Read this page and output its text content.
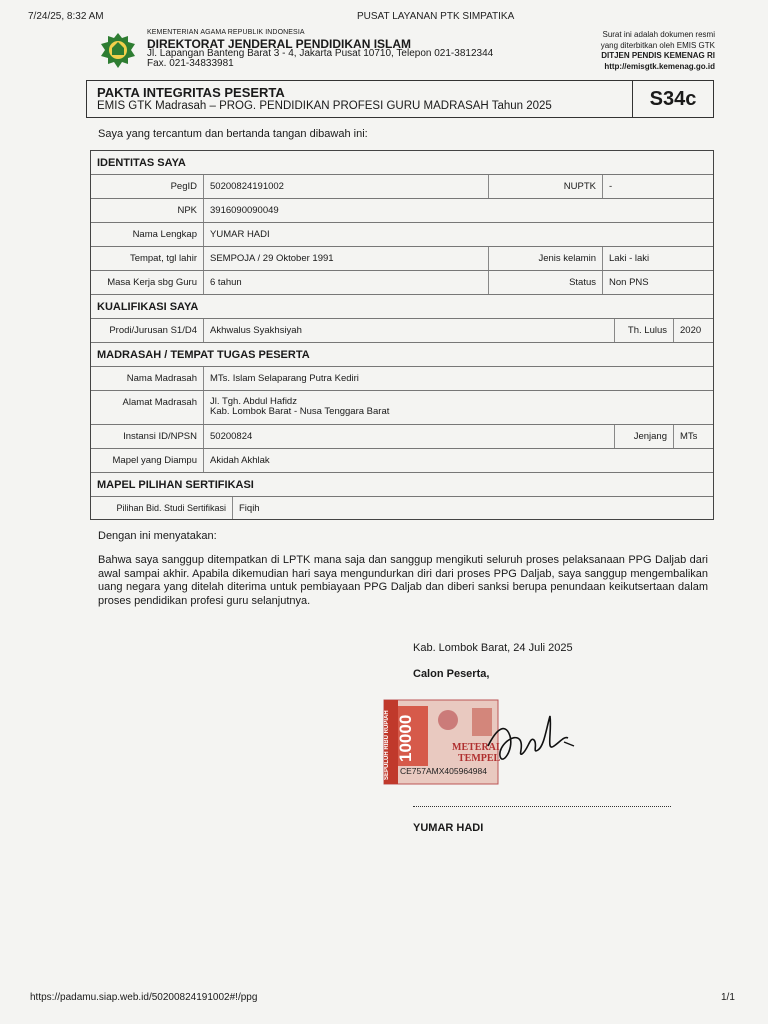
7/24/25, 8:32 AM	PUSAT LAYANAN PTK SIMPATIKA
KEMENTERIAN AGAMA REPUBLIK INDONESIA
DIREKTORAT JENDERAL PENDIDIKAN ISLAM
Jl. Lapangan Banteng Barat 3 - 4, Jakarta Pusat 10710, Telepon 021-3812344
Fax. 021-34833981
Surat ini adalah dokumen resmi
yang diterbitkan oleh EMIS GTK
DITJEN PENDIS KEMENAG RI
http://emisgtk.kemenag.go.id
PAKTA INTEGRITAS PESERTA
EMIS GTK Madrasah – PROG. PENDIDIKAN PROFESI GURU MADRASAH Tahun 2025	S34c
Saya yang tercantum dan bertanda tangan dibawah ini:
IDENTITAS SAYA
PegID	50200824191002	NUPTK	-
NPK	3916090090049
Nama Lengkap	YUMAR HADI
Tempat, tgl lahir	SEMPOJA / 29 Oktober 1991	Jenis kelamin	Laki - laki
Masa Kerja sbg Guru	6 tahun	Status	Non PNS
KUALIFIKASI SAYA
Prodi/Jurusan S1/D4	Akhwalus Syakhsiyah	Th. Lulus	2020
MADRASAH / TEMPAT TUGAS PESERTA
Nama Madrasah	MTs. Islam Selaparang Putra Kediri
Alamat Madrasah	Jl. Tgh. Abdul Hafidz
Kab. Lombok Barat - Nusa Tenggara Barat
Instansi ID/NPSN	50200824	Jenjang	MTs
Mapel yang Diampu	Akidah Akhlak
MAPEL PILIHAN SERTIFIKASI
Pilihan Bid. Studi Sertifikasi	Fiqih
Dengan ini menyatakan:
Bahwa saya sanggup ditempatkan di LPTK mana saja dan sanggup mengikuti seluruh proses pelaksanaan PPG Daljab dari awal sampai akhir. Apabila dikemudian hari saya mengundurkan diri dari proses PPG Daljab, saya sanggup mengembalikan uang negara yang ditelah diterima untuk pembiayaan PPG Daljab dan diberi sanksi berupa penundaan keikutsertaan dalam proses pendidikan profesi guru selanjutnya.
Kab. Lombok Barat, 24 Juli 2025
Calon Peserta,
SEPULUH RIBU RUPIAH 10000	METERAI
TEMPEL
CE757AMX405964984
YUMAR HADI
https://padamu.siap.web.id/50200824191002#!/ppg	1/1
